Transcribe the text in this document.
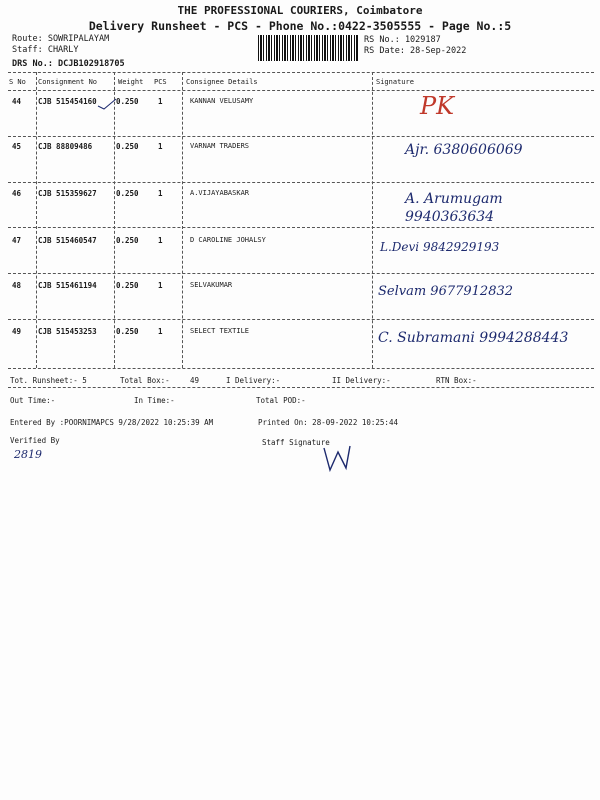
THE PROFESSIONAL COURIERS, Coimbatore
Delivery Runsheet - PCS - Phone No.:0422-3505555 - Page No.:5
Route: SOWRIPALAYAM
Staff: CHARLY
DRS No.: DCJB102918705
RS No.: 1029187
RS Date: 28-Sep-2022
S No Consignment No	Weight PCS	Consignee Details	Signature
44 CJB 515454160	0.250	1	KANNAN VELUSAMY	PK
45 CJB 88809486	0.250	1	VARNAM TRADERS	Ajr. 6380606069
46 CJB 515359627	0.250	1	A.VIJAYABASKAR	A. Arumugam 9940363634
47 CJB 515460547	0.250	1	D CAROLINE JOHALSY	L.Devi 9842929193
48 CJB 515461194	0.250	1	SELVAKUMAR	Selvam 9677912832
49 CJB 515453253	0.250	1	SELECT TEXTILE	C. Subramani 9994288443
Tot. Runsheet:- 5	Total Box:-	49	I Delivery:-	II Delivery:-	RTN Box:-
Out Time:-	In Time:-	Total POD:-
Entered By :POORNIMAPCS 9/28/2022 10:25:39 AM	Printed On: 28-09-2022 10:25:44
Verified By	Staff Signature
2819
